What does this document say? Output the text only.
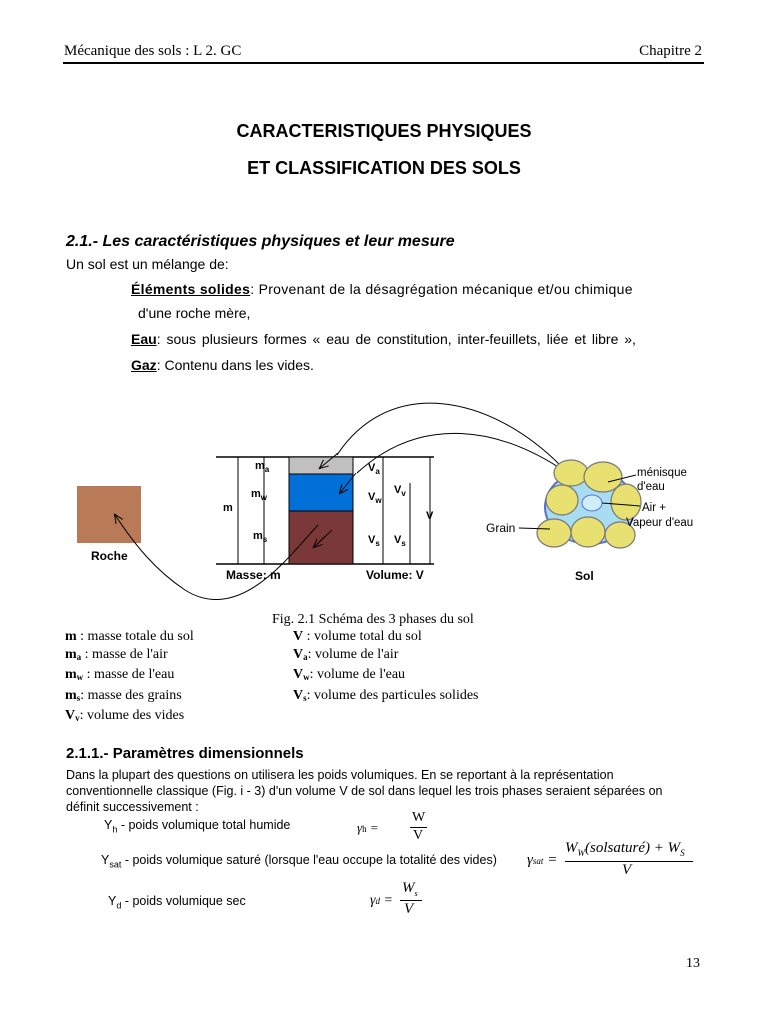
Mécanique des sols : L 2. GC	Chapitre 2
CARACTERISTIQUES PHYSIQUES
ET CLASSIFICATION DES SOLS
2.1.- Les caractéristiques physiques et leur mesure
Un sol est un mélange de:
Éléments solides: Provenant de la désagrégation mécanique et/ou chimique
d'une roche mère,
Eau: sous plusieurs formes « eau de constitution, inter-feuillets, liée et libre »,
Gaz: Contenu dans les vides.
Roche
m
$m_a$
$m_w$
$m_s$
$V_a$
$V_w$
$V_v$
$V_s$ $V_s$
V
Masse: m	Volume: V	Sol
Grain
ménisque
d'eau
Air +
Vapeur d'eau
Fig. 2.1 Schéma des 3 phases du sol
m : masse totale du sol
$m_a$ : masse de l'air
$m_w$ : masse de l'eau
$m_s$: masse des grains
$V_v$: volume des vides
V : volume total du sol
$V_a$: volume de l'air
$V_w$: volume de l'eau
$V_s$: volume des particules solides
2.1.1.- Paramètres dimensionnels
Dans la plupart des questions on utilisera les poids volumiques. En se reportant à la représentation conventionnelle classique (Fig. i - 3) d'un volume V de sol dans lequel les trois phases seraient séparées on définit successivement :
$Y_h$ - poids volumique total humide
$Y_{sat}$ - poids volumique saturé (lorsque l'eau occupe la totalité des vides)
$Y_d$ - poids volumique sec
γh =
W
V
γsat =
$W_W(solsaturé) + W_S$
V
γd =
$W_s$
V
13
